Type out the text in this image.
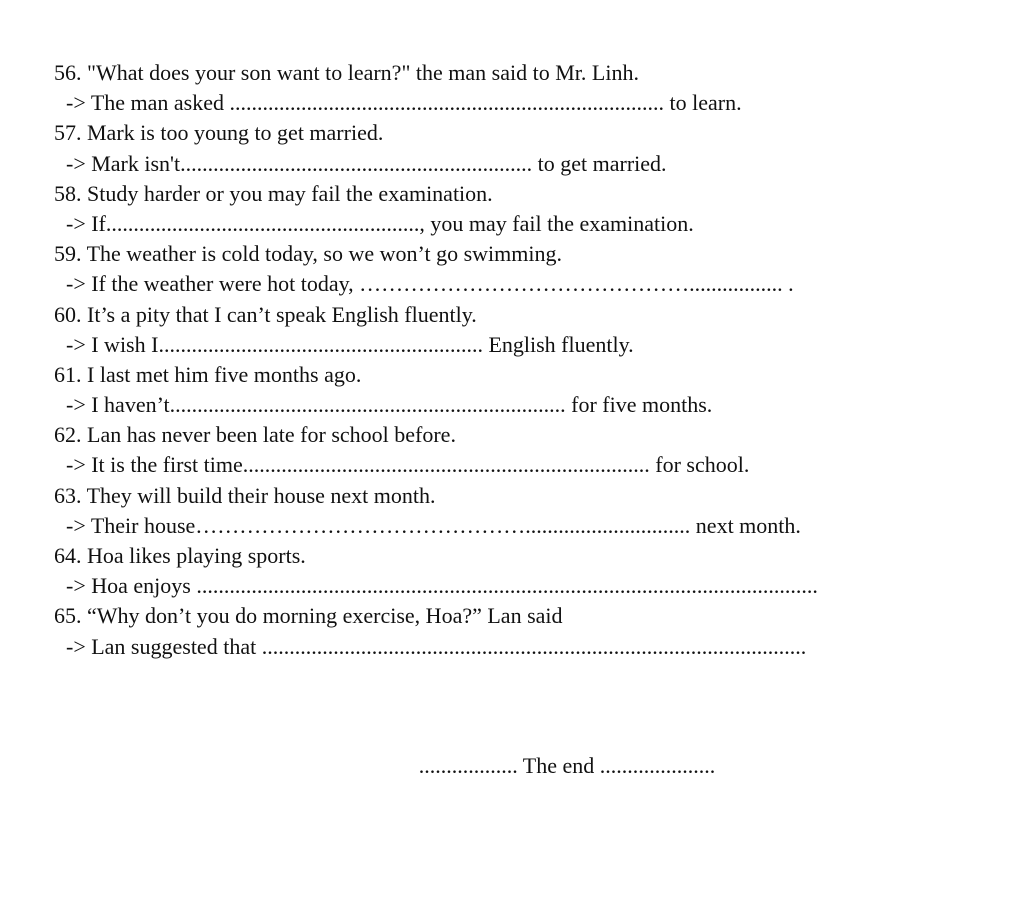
56. "What does your son want to learn?" the man said to Mr. Linh.
-> The man asked ............................................................................... to learn.
57. Mark is too young to get married.
-> Mark isn't................................................................ to get married.
58. Study harder or you may fail the examination.
-> If........................................................., you may fail the examination.
59. The weather is cold today, so we won’t go swimming.
-> If the weather were hot today, ………………………………………................. .
60. It’s a pity that I can’t speak English fluently.
-> I wish I........................................................... English fluently.
61. I last met him five months ago.
-> I haven’t........................................................................ for five months.
62. Lan has never been late for school before.
-> It is the first time.......................................................................... for school.
63. They will build their house next month.
-> Their house……………………………………….............................. next month.
64. Hoa likes playing sports.
-> Hoa enjoys .................................................................................................................
65. “Why don’t you do morning exercise, Hoa?” Lan said
-> Lan suggested that ...................................................................................................
.................. The end .....................
